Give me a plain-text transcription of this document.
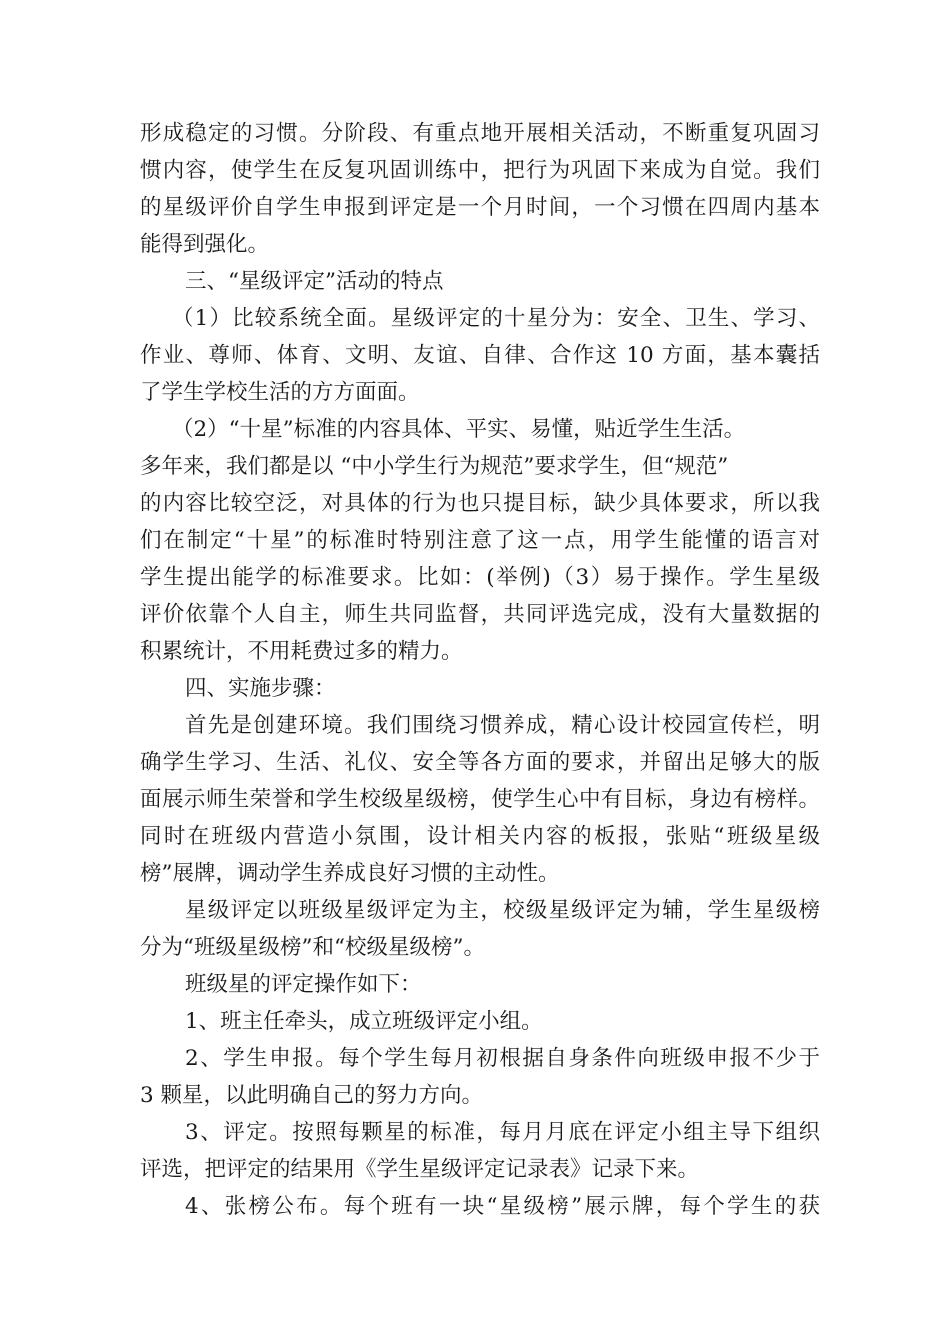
形成稳定的习惯。分阶段、有重点地开展相关活动，不断重复巩固习
惯内容，使学生在反复巩固训练中，把行为巩固下来成为自觉。我们
的星级评价自学生申报到评定是一个月时间，一个习惯在四周内基本
能得到强化。
三、“星级评定”活动的特点
（1）比较系统全面。星级评定的十星分为：安全、卫生、学习、
作业、尊师、体育、文明、友谊、自律、合作这 10 方面，基本囊括
了学生学校生活的方方面面。
（2）“十星”标准的内容具体、平实、易懂，贴近学生生活。
多年来，我们都是以 “中小学生行为规范”要求学生，但“规范”
的内容比较空泛，对具体的行为也只提目标，缺少具体要求，所以我
们在制定“十星”的标准时特别注意了这一点，用学生能懂的语言对
学生提出能学的标准要求。比如：(举例)（3）易于操作。学生星级
评价依靠个人自主，师生共同监督，共同评选完成，没有大量数据的
积累统计，不用耗费过多的精力。
四、实施步骤：
首先是创建环境。我们围绕习惯养成，精心设计校园宣传栏，明
确学生学习、生活、礼仪、安全等各方面的要求，并留出足够大的版
面展示师生荣誉和学生校级星级榜，使学生心中有目标，身边有榜样。
同时在班级内营造小氛围，设计相关内容的板报，张贴“班级星级
榜”展牌，调动学生养成良好习惯的主动性。
星级评定以班级星级评定为主，校级星级评定为辅，学生星级榜
分为“班级星级榜”和“校级星级榜”。
班级星的评定操作如下：
1、班主任牵头，成立班级评定小组。
2、学生申报。每个学生每月初根据自身条件向班级申报不少于
3 颗星，以此明确自己的努力方向。
3、评定。按照每颗星的标准，每月月底在评定小组主导下组织
评选，把评定的结果用《学生星级评定记录表》记录下来。
4、张榜公布。每个班有一块“星级榜”展示牌，每个学生的获
